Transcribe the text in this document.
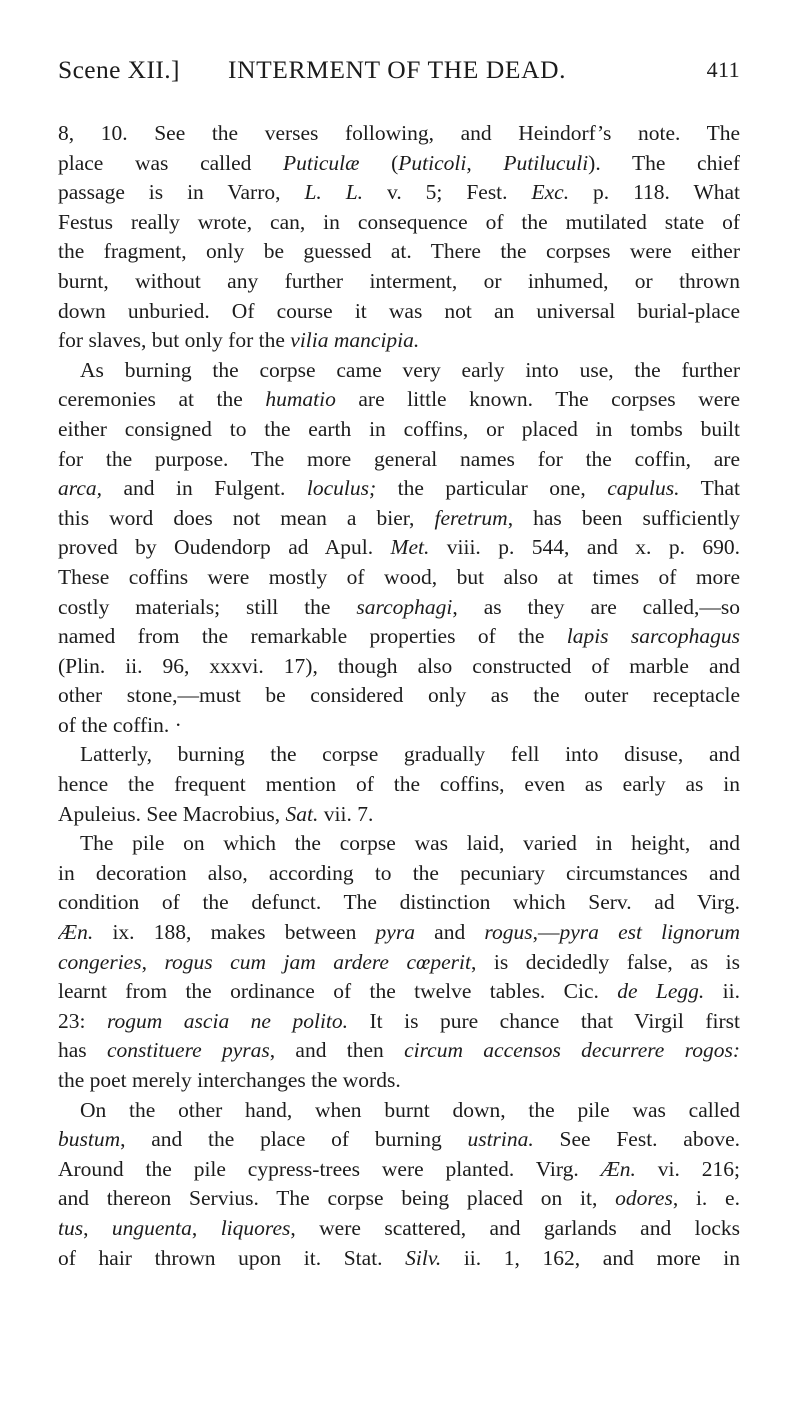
Scene XII.] INTERMENT OF THE DEAD.	411
8, 10. See the verses following, and Heindorf’s note. The
place was called Puticulæ (Puticoli, Putiluculi). The chief
passage is in Varro, L. L. v. 5; Fest. Exc. p. 118. What
Festus really wrote, can, in consequence of the mutilated state of
the fragment, only be guessed at. There the corpses were either
burnt, without any further interment, or inhumed, or thrown
down unburied. Of course it was not an universal burial-place
for slaves, but only for the vilia mancipia.
As burning the corpse came very early into use, the further
ceremonies at the humatio are little known. The corpses were
either consigned to the earth in coffins, or placed in tombs built
for the purpose. The more general names for the coffin, are
arca, and in Fulgent. loculus; the particular one, capulus. That
this word does not mean a bier, feretrum, has been sufficiently
proved by Oudendorp ad Apul. Met. viii. p. 544, and x. p. 690.
These coffins were mostly of wood, but also at times of more
costly materials; still the sarcophagi, as they are called,—so
named from the remarkable properties of the lapis sarcophagus
(Plin. ii. 96, xxxvi. 17), though also constructed of marble and
other stone,—must be considered only as the outer receptacle
of the coffin. ·
Latterly, burning the corpse gradually fell into disuse, and
hence the frequent mention of the coffins, even as early as in
Apuleius. See Macrobius, Sat. vii. 7.
The pile on which the corpse was laid, varied in height, and
in decoration also, according to the pecuniary circumstances and
condition of the defunct. The distinction which Serv. ad Virg.
Æn. ix. 188, makes between pyra and rogus,—pyra est lignorum
congeries, rogus cum jam ardere cœperit, is decidedly false, as is
learnt from the ordinance of the twelve tables. Cic. de Legg. ii.
23: rogum ascia ne polito. It is pure chance that Virgil first
has constituere pyras, and then circum accensos decurrere rogos:
the poet merely interchanges the words.
On the other hand, when burnt down, the pile was called
bustum, and the place of burning ustrina. See Fest. above.
Around the pile cypress-trees were planted. Virg. Æn. vi. 216;
and thereon Servius. The corpse being placed on it, odores, i. e.
tus, unguenta, liquores, were scattered, and garlands and locks
of hair thrown upon it. Stat. Silv. ii. 1, 162, and more in
